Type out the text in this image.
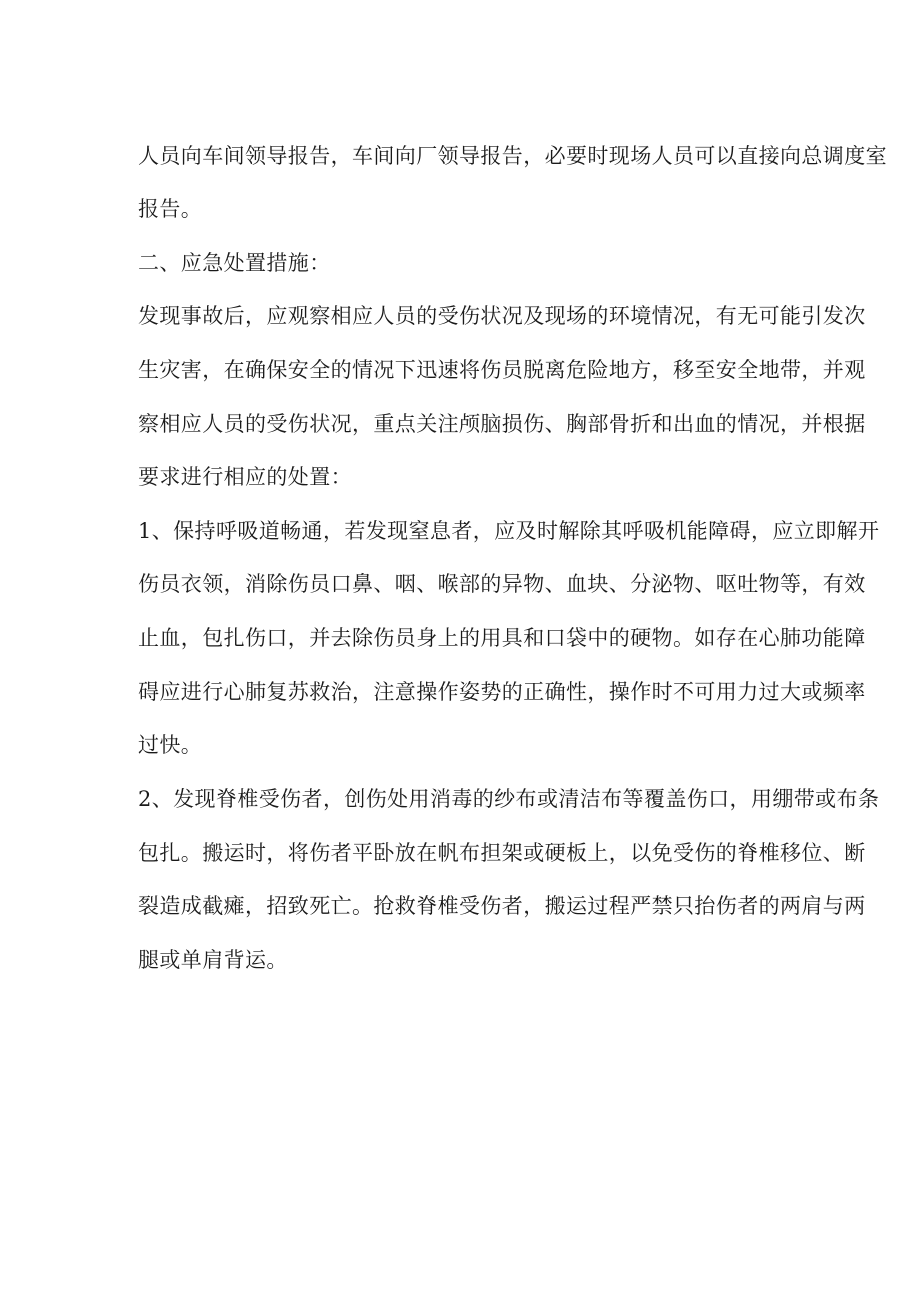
人员向车间领导报告，车间向厂领导报告，必要时现场人员可以直接向总调度室
报告。
二、应急处置措施：
发现事故后，应观察相应人员的受伤状况及现场的环境情况，有无可能引发次
生灾害，在确保安全的情况下迅速将伤员脱离危险地方，移至安全地带，并观
察相应人员的受伤状况，重点关注颅脑损伤、胸部骨折和出血的情况，并根据
要求进行相应的处置：
1、保持呼吸道畅通，若发现窒息者，应及时解除其呼吸机能障碍，应立即解开
伤员衣领，消除伤员口鼻、咽、喉部的异物、血块、分泌物、呕吐物等，有效
止血，包扎伤口，并去除伤员身上的用具和口袋中的硬物。如存在心肺功能障
碍应进行心肺复苏救治，注意操作姿势的正确性，操作时不可用力过大或频率
过快。
2、发现脊椎受伤者，创伤处用消毒的纱布或清洁布等覆盖伤口，用绷带或布条
包扎。搬运时，将伤者平卧放在帆布担架或硬板上，以免受伤的脊椎移位、断
裂造成截瘫，招致死亡。抢救脊椎受伤者，搬运过程严禁只抬伤者的两肩与两
腿或单肩背运。
